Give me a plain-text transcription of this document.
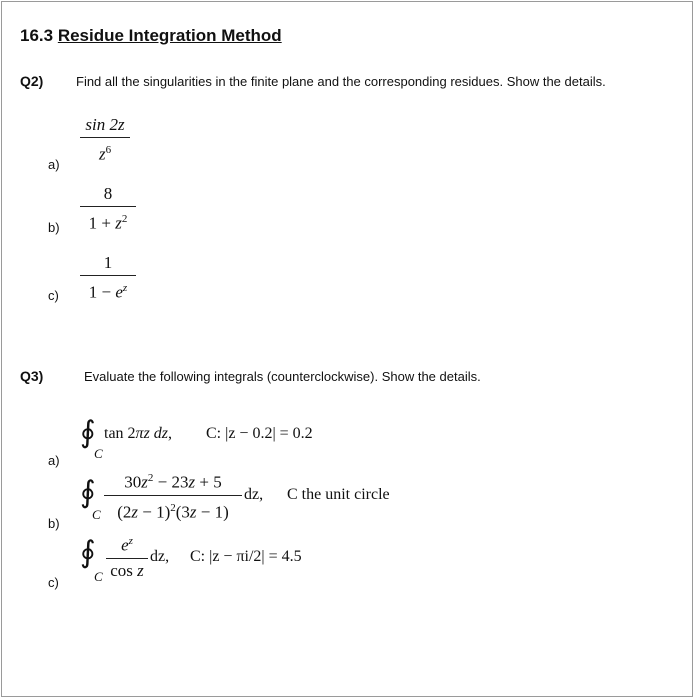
16.3 Residue Integration Method
Q2)	Find all the singularities in the finite plane and the corresponding residues. Show the details.
a)
sin 2z
$z^6$
b)
8
$1 + z^2$
c)
1
$1 - e^z$
Q3)	Evaluate the following integrals (counterclockwise). Show the details.
a)
∮
C
tan 2πz dz, C: |z − 0.2| = 0.2
b)
∮
C
$30z^2 - 23z + 5$
$(2z - 1)^2(3z - 1)$
dz, C the unit circle
c)
∮
C
$e^z$
cos z
dz, C: |z − πi/2| = 4.5
